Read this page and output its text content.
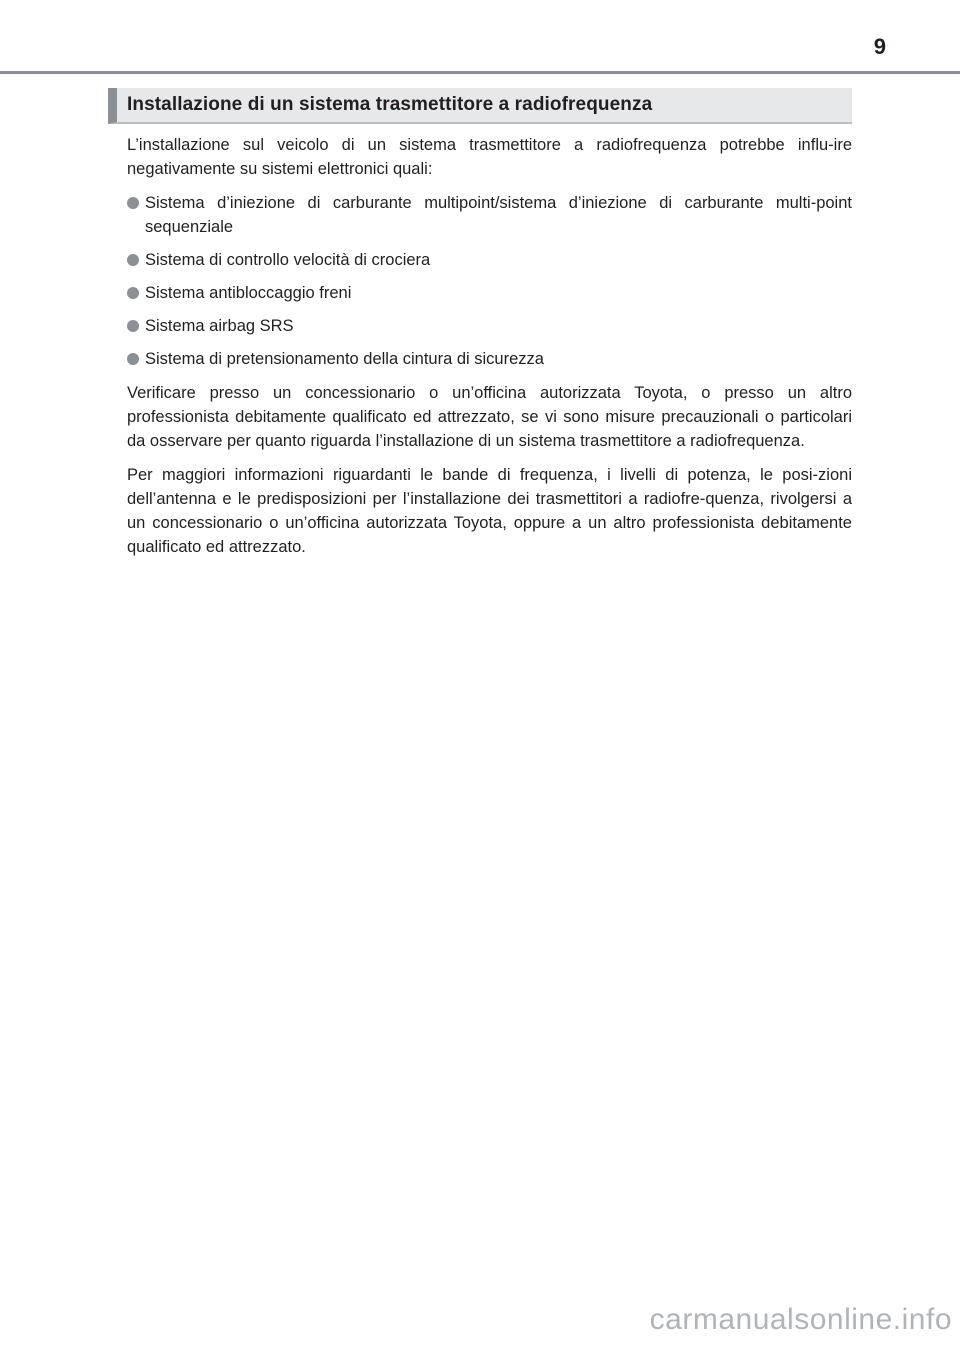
9
Installazione di un sistema trasmettitore a radiofrequenza

L’installazione sul veicolo di un sistema trasmettitore a radiofrequenza potrebbe influ-ire negativamente su sistemi elettronici quali:

Sistema d’iniezione di carburante multipoint/sistema d’iniezione di carburante multi-point sequenziale
Sistema di controllo velocità di crociera
Sistema antibloccaggio freni
Sistema airbag SRS
Sistema di pretensionamento della cintura di sicurezza

Verificare presso un concessionario o un’officina autorizzata Toyota, o presso un altro professionista debitamente qualificato ed attrezzato, se vi sono misure precauzionali o particolari da osservare per quanto riguarda l’installazione di un sistema trasmettitore a radiofrequenza.

Per maggiori informazioni riguardanti le bande di frequenza, i livelli di potenza, le posi-zioni dell’antenna e le predisposizioni per l’installazione dei trasmettitori a radiofre-quenza, rivolgersi a un concessionario o un’officina autorizzata Toyota, oppure a un altro professionista debitamente qualificato ed attrezzato.

carmanualsonline.info
